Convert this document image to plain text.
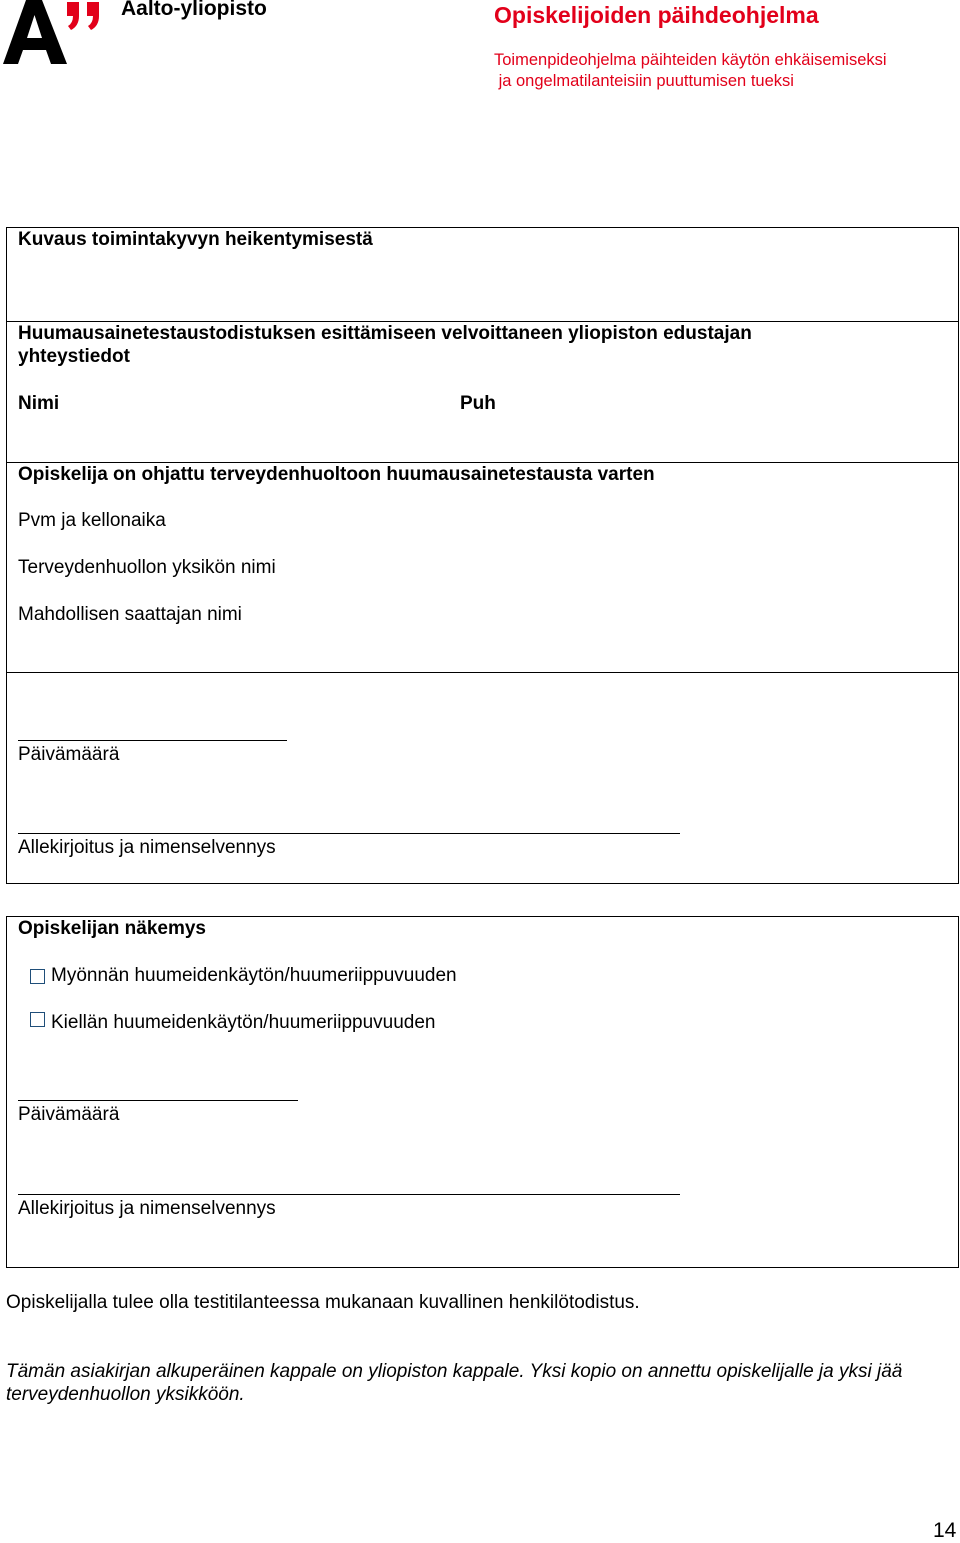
Aalto-yliopisto	Opiskelijoiden päihdeohjelma
Toimenpideohjelma päihteiden käytön ehkäisemiseksi
ja ongelmatilanteisiin puuttumisen tueksi
Kuvaus toimintakyvyn heikentymisestä
Huumausainetestaustodistuksen esittämiseen velvoittaneen yliopiston edustajan
yhteystiedot
Nimi	Puh
Opiskelija on ohjattu terveydenhuoltoon huumausainetestausta varten
Pvm ja kellonaika
Terveydenhuollon yksikön nimi
Mahdollisen saattajan nimi
Päivämäärä
Allekirjoitus ja nimenselvennys
Opiskelijan näkemys
Myönnän huumeidenkäytön/huumeriippuvuuden
Kiellän huumeidenkäytön/huumeriippuvuuden
Päivämäärä
Allekirjoitus ja nimenselvennys
Opiskelijalla tulee olla testitilanteessa mukanaan kuvallinen henkilötodistus.
Tämän asiakirjan alkuperäinen kappale on yliopiston kappale. Yksi kopio on annettu opiskelijalle ja yksi jää
terveydenhuollon yksikköön.
14
